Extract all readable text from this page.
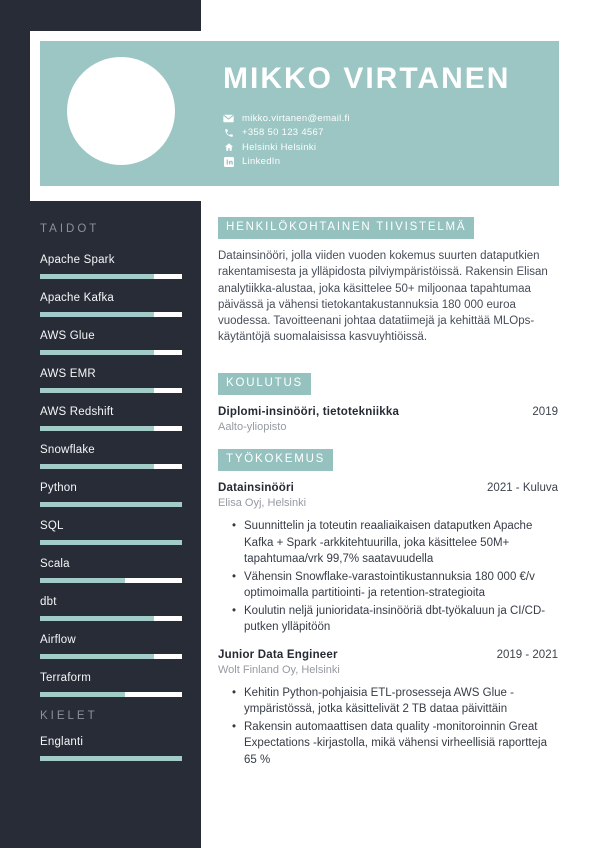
TAIDOT
Apache Spark
Apache Kafka
AWS Glue
AWS EMR
AWS Redshift
Snowflake
Python
SQL
Scala
dbt
Airflow
Terraform
KIELET
Englanti
MIKKO VIRTANEN
mikko.virtanen@email.fi
+358 50 123 4567
Helsinki Helsinki
LinkedIn
HENKILÖKOHTAINEN TIIVISTELMÄ

Datainsinööri, jolla viiden vuoden kokemus suurten dataputkien rakentamisesta ja ylläpidosta pilviympäristöissä. Rakensin Elisan analytiikka-alustaa, joka käsittelee 50+ miljoonaa tapahtumaa päivässä ja vähensi tietokantakustannuksia 180 000 euroa vuodessa. Tavoitteenani johtaa datatiimejä ja kehittää MLOps-käytäntöjä suomalaisissa kasvuyhtiöissä.

KOULUTUS
Diplomi-insinööri, tietotekniikka	2019
Aalto-yliopisto
TYÖKOKEMUS
Datainsinööri	2021 - Kuluva
Elisa Oyj, Helsinki
• Suunnittelin ja toteutin reaaliaikaisen dataputken Apache Kafka + Spark -arkkitehtuurilla, joka käsittelee 50M+ tapahtumaa/vrk 99,7% saatavuudella
• Vähensin Snowflake-varastointikustannuksia 180 000 €/v optimoimalla partitiointi- ja retention-strategioita
• Koulutin neljä junioridata-insinööriä dbt-työkaluun ja CI/CD-putken ylläpitöön
Junior Data Engineer	2019 - 2021
Wolt Finland Oy, Helsinki
• Kehitin Python-pohjaisia ETL-prosesseja AWS Glue -ympäristössä, jotka käsittelivät 2 TB dataa päivittäin
• Rakensin automaattisen data quality -monitoroinnin Great Expectations -kirjastolla, mikä vähensi virheellisiä raportteja 65 %
